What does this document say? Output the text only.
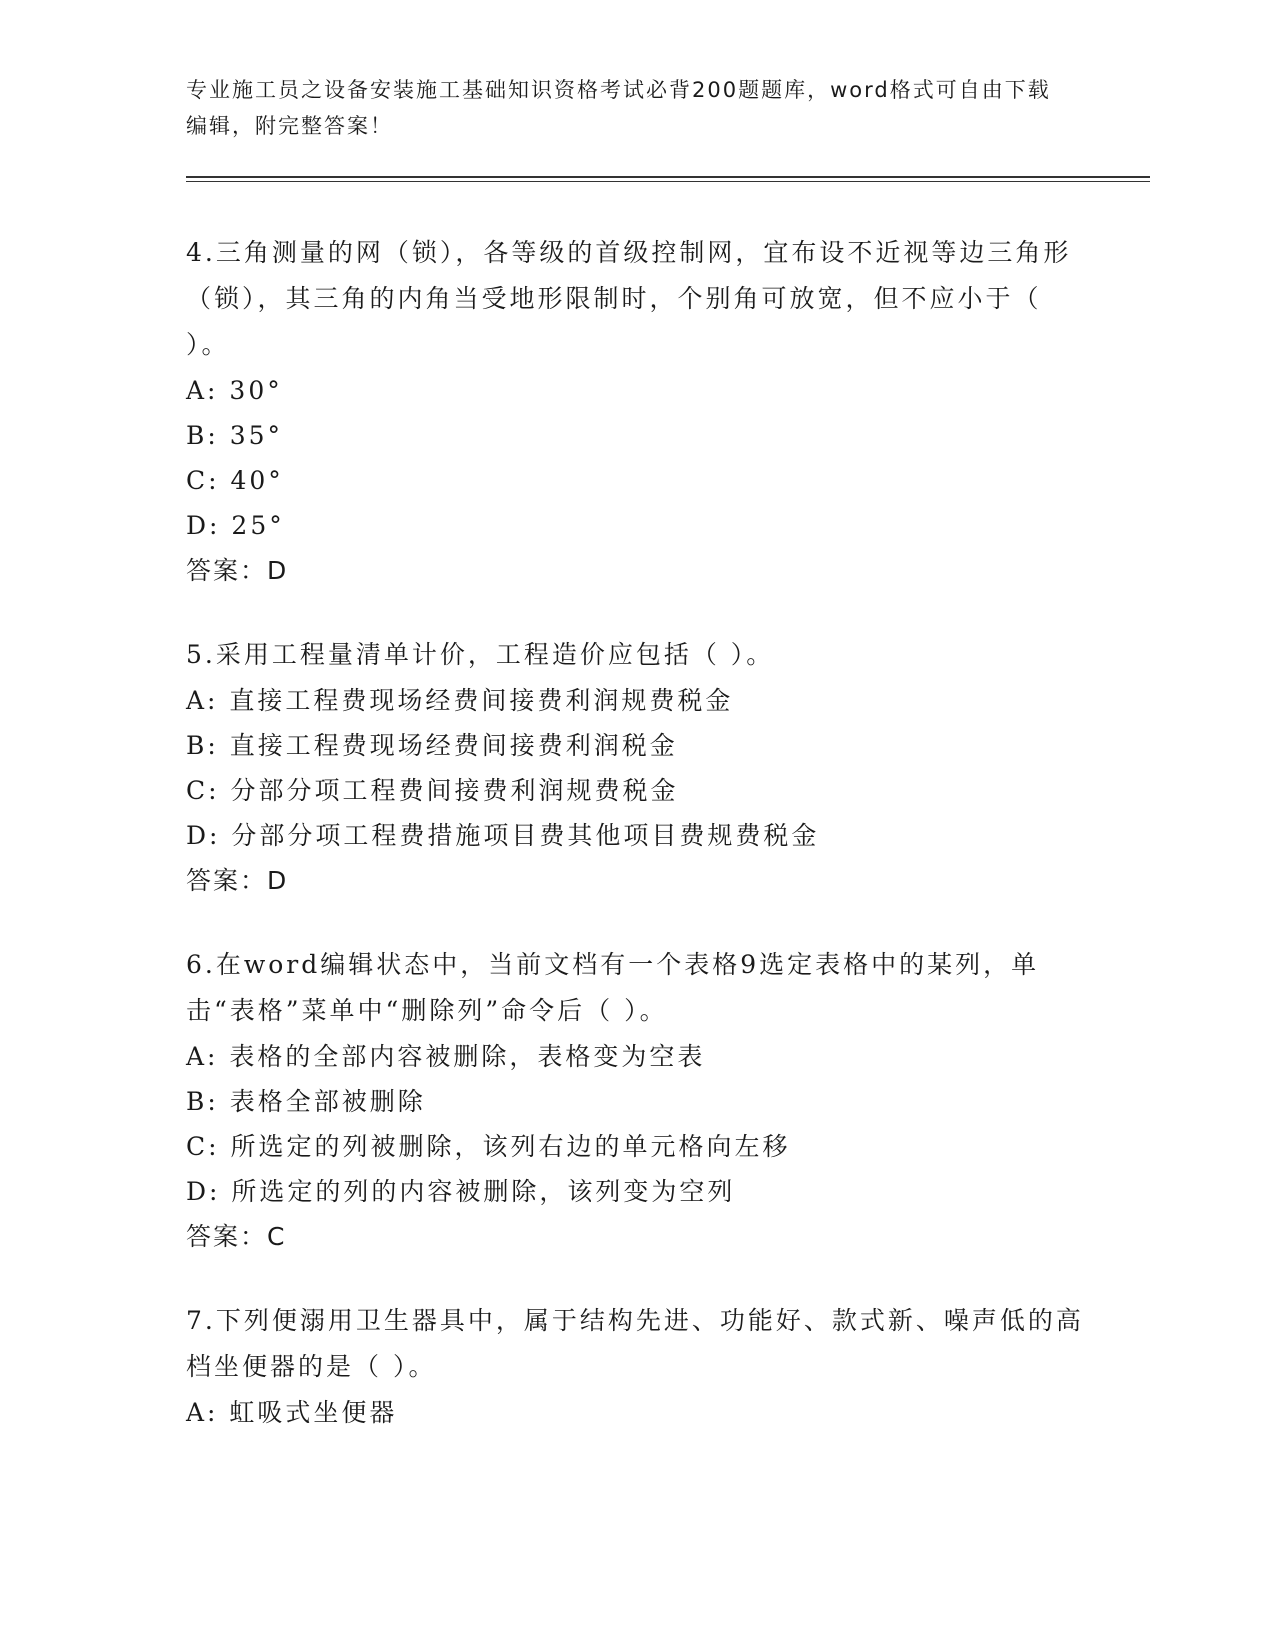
专业施工员之设备安装施工基础知识资格考试必背200题题库，word格式可自由下载编辑，附完整答案！

4.三角测量的网（锁），各等级的首级控制网，宜布设不近视等边三角形（锁），其三角的内角当受地形限制时，个别角可放宽，但不应小于（ ）。

A: 30°

B: 35°

C: 40°

D: 25°

答案：D

5.采用工程量清单计价，工程造价应包括（ ）。

A: 直接工程费现场经费间接费利润规费税金

B: 直接工程费现场经费间接费利润税金

C: 分部分项工程费间接费利润规费税金

D: 分部分项工程费措施项目费其他项目费规费税金

答案：D

6.在word编辑状态中，当前文档有一个表格9选定表格中的某列，单击“表格”菜单中“删除列”命令后（ ）。

A: 表格的全部内容被删除，表格变为空表

B: 表格全部被删除

C: 所选定的列被删除，该列右边的单元格向左移

D: 所选定的列的内容被删除，该列变为空列

答案：C

7.下列便溺用卫生器具中，属于结构先进、功能好、款式新、噪声低的高档坐便器的是（ ）。

A: 虹吸式坐便器
